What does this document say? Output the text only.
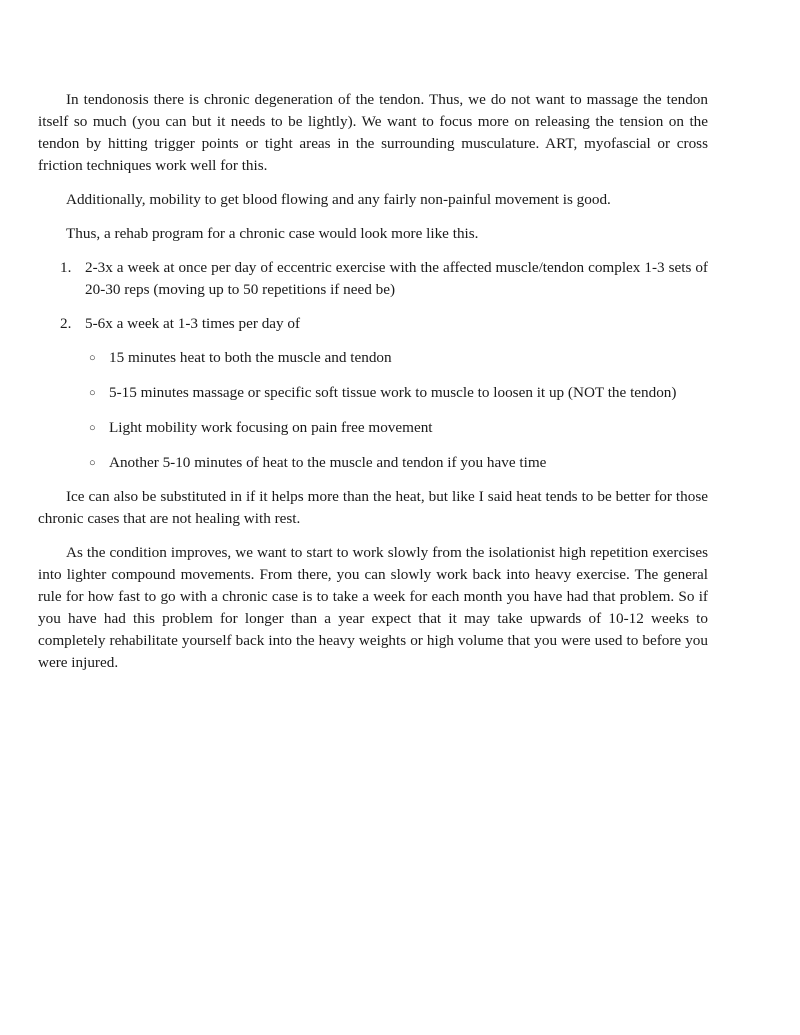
In tendonosis there is chronic degeneration of the tendon. Thus, we do not want to massage the tendon itself so much (you can but it needs to be lightly). We want to focus more on releasing the tension on the tendon by hitting trigger points or tight areas in the surrounding musculature. ART, myofascial or cross friction techniques work well for this.

Additionally, mobility to get blood flowing and any fairly non-painful movement is good.

Thus, a rehab program for a chronic case would look more like this.

1. 2-3x a week at once per day of eccentric exercise with the affected muscle/tendon complex 1-3 sets of 20-30 reps (moving up to 50 repetitions if need be)
2. 5-6x a week at 1-3 times per day of
○ 15 minutes heat to both the muscle and tendon
○ 5-15 minutes massage or specific soft tissue work to muscle to loosen it up (NOT the tendon)
○ Light mobility work focusing on pain free movement
○ Another 5-10 minutes of heat to the muscle and tendon if you have time

Ice can also be substituted in if it helps more than the heat, but like I said heat tends to be better for those chronic cases that are not healing with rest.

As the condition improves, we want to start to work slowly from the isolationist high repetition exercises into lighter compound movements. From there, you can slowly work back into heavy exercise. The general rule for how fast to go with a chronic case is to take a week for each month you have had that problem. So if you have had this problem for longer than a year expect that it may take upwards of 10-12 weeks to completely rehabilitate yourself back into the heavy weights or high volume that you were used to before you were injured.
